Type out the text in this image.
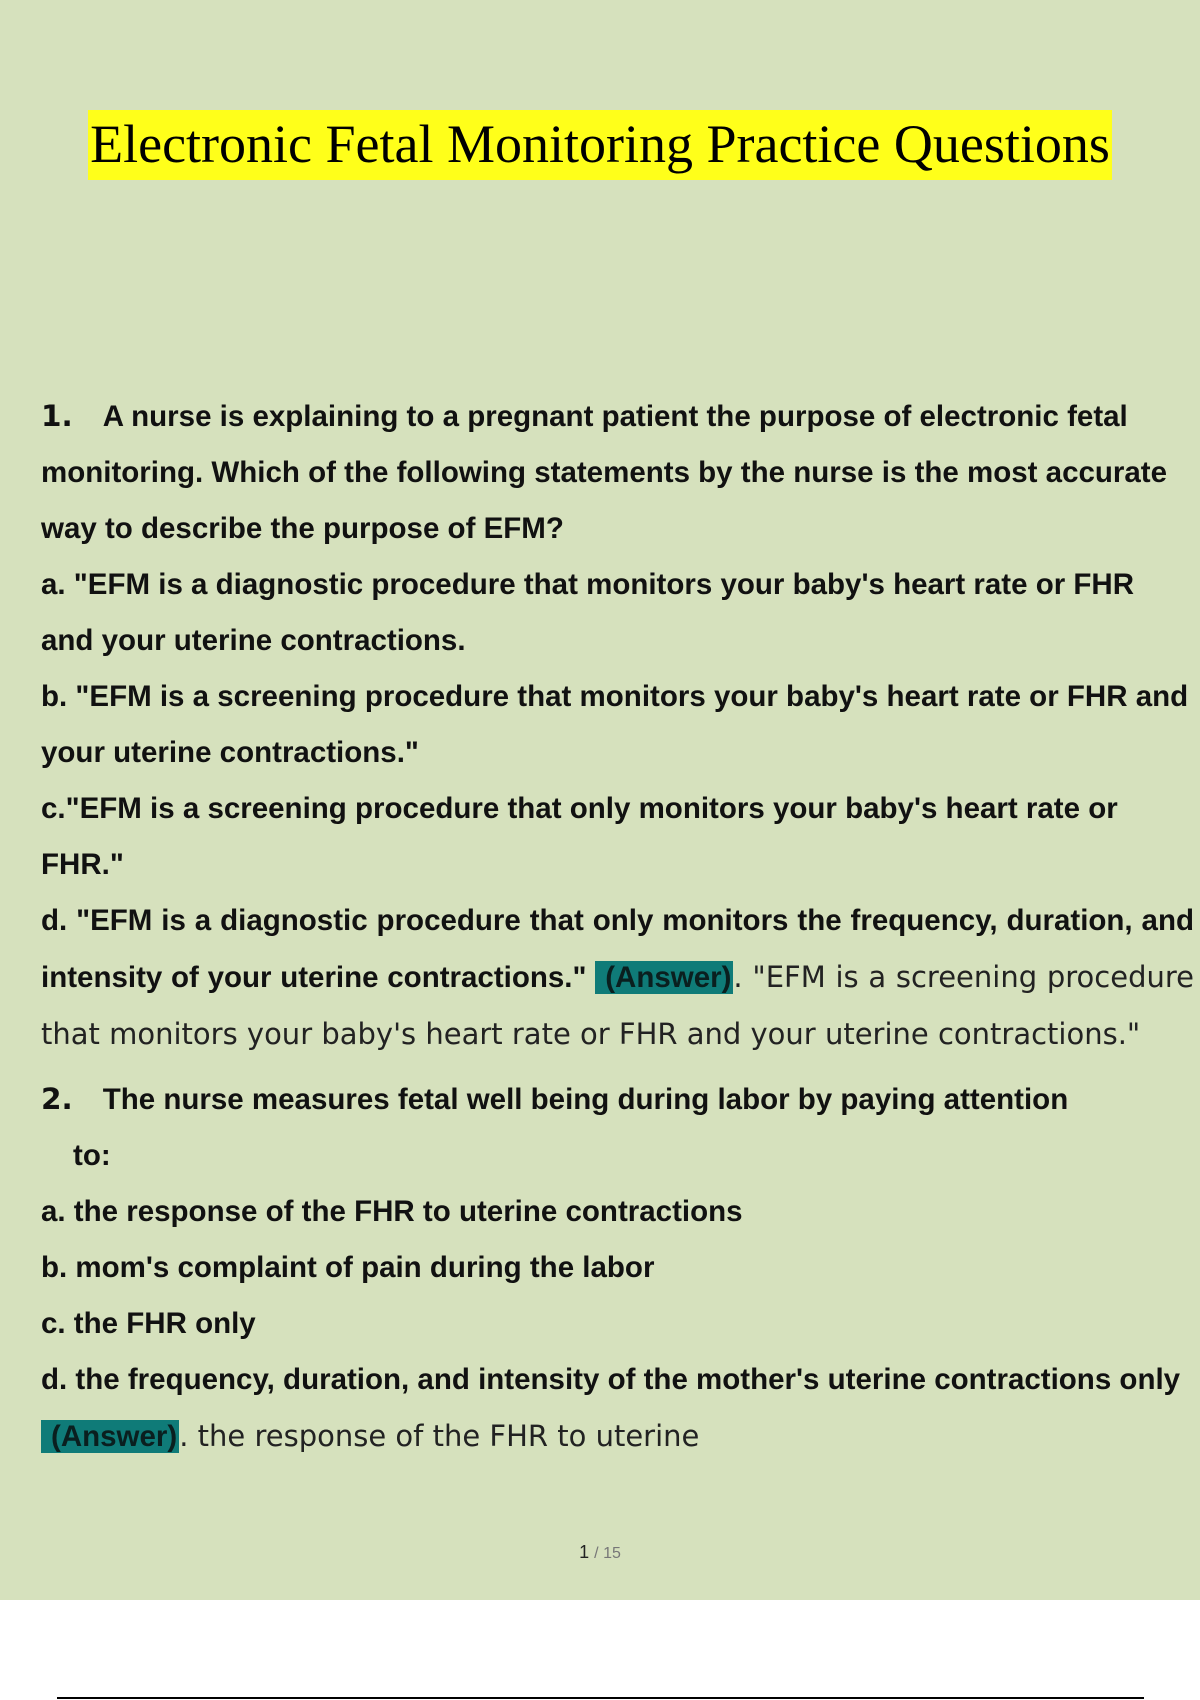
Electronic Fetal Monitoring Practice Questions

1. A nurse is explaining to a pregnant patient the purpose of electronic fetal monitoring. Which of the following statements by the nurse is the most accurate way to describe the purpose of EFM?

a. "EFM is a diagnostic procedure that monitors your baby's heart rate or FHR and your uterine contractions.

b. "EFM is a screening procedure that monitors your baby's heart rate or FHR and your uterine contractions."

c."EFM is a screening procedure that only monitors your baby's heart rate or FHR."

d. "EFM is a diagnostic procedure that only monitors the frequency, duration, and intensity of your uterine contractions." (Answer). "EFM is a screening procedure that monitors your baby's heart rate or FHR and your uterine contractions."

2. The nurse measures fetal well being during labor by paying attention
to:

a. the response of the FHR to uterine contractions

b. mom's complaint of pain during the labor

c. the FHR only

d. the frequency, duration, and intensity of the mother's uterine contractions only (Answer). the response of the FHR to uterine

1 / 15
